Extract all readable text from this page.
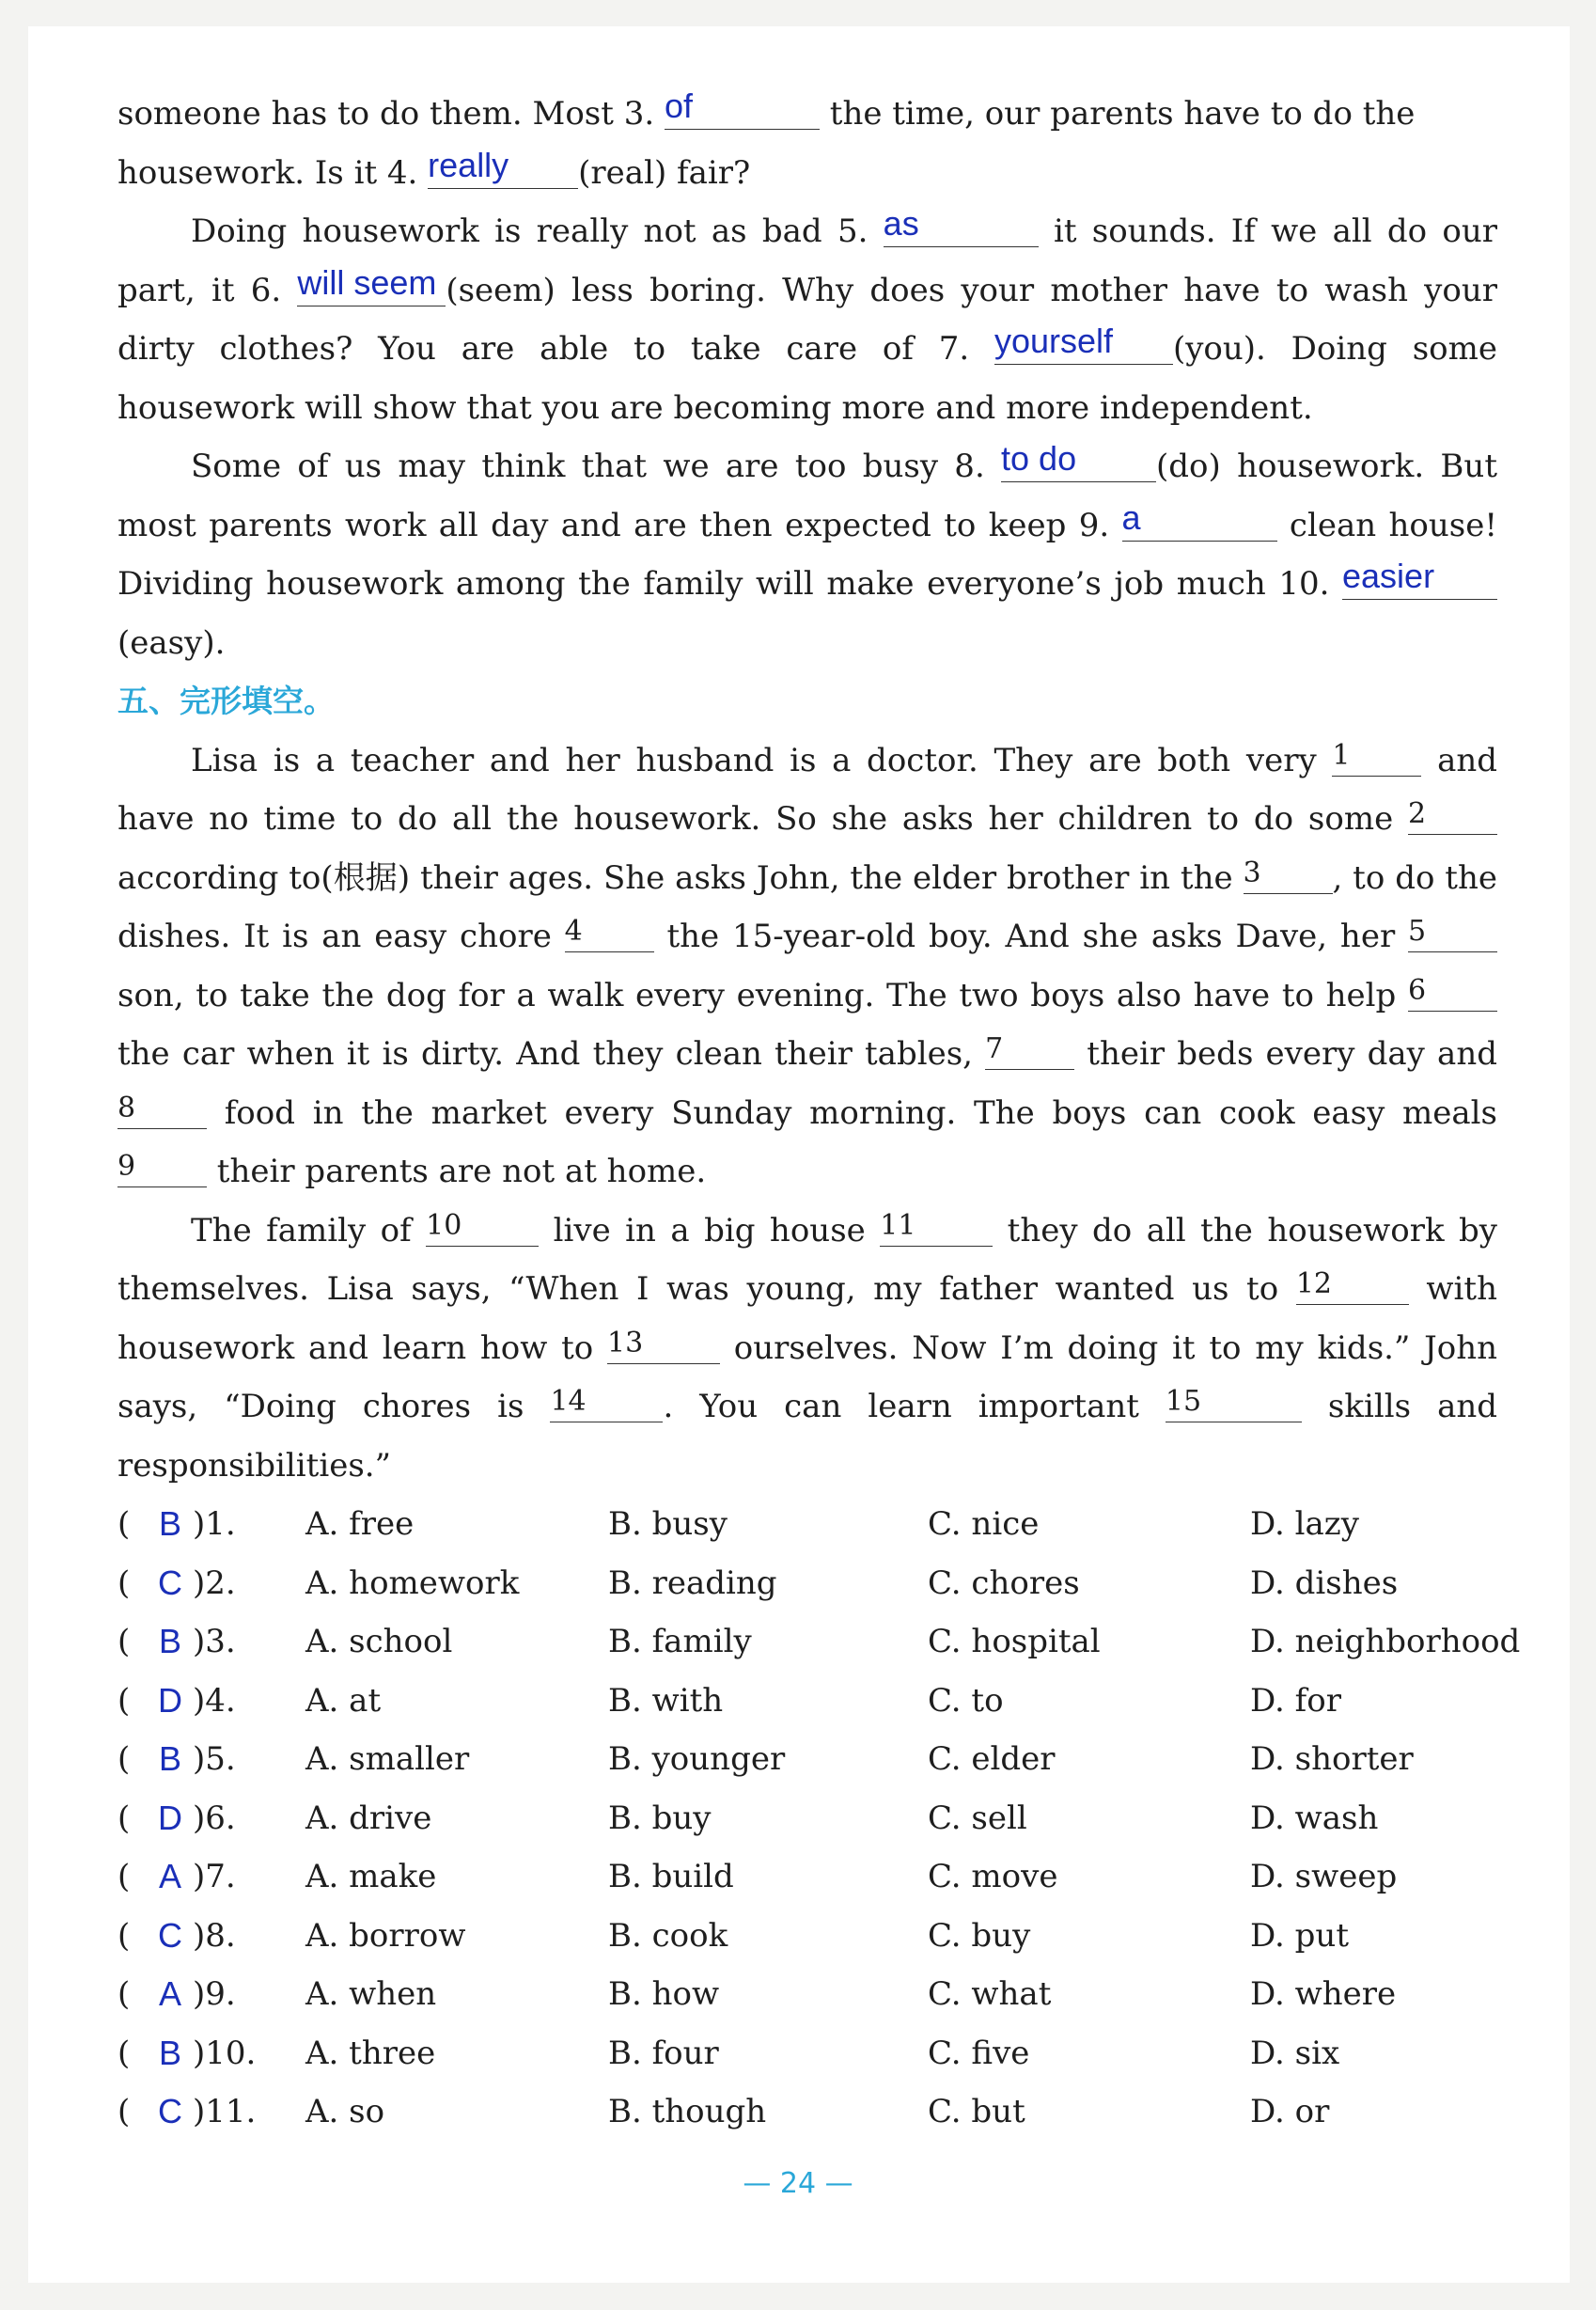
someone has to do them. Most 3. of	the time, our parents have to do the

housework. Is it 4. really	(real) fair?

Doing housework is really not as bad 5. as	it sounds. If we all do our part, it 6. will seem (seem) less boring. Why does your mother have to wash your dirty clothes? You are able to take care of 7. yourself	(you). Doing some housework will show that you are becoming more and more independent.

Some of us may think that we are too busy 8. to do	(do) housework. But most parents work all day and are then expected to keep 9. a	clean house! Dividing housework among the family will make everyone’s job much 10. easier
(easy).

五、完形填空。

Lisa is a teacher and her husband is a doctor. They are both very 1	and have no time to do all the housework. So she asks her children to do some 2
according to(根据) their ages. She asks John, the elder brother in the 3	, to do the dishes. It is an easy chore 4	the 15-year-old boy. And she asks Dave, her 5
son, to take the dog for a walk every evening. The two boys also have to help 6
the car when it is dirty. And they clean their tables, 7	their beds every day and
8	food in the market every Sunday morning. The boys can cook easy meals
9	their parents are not at home.

The family of 10	live in a big house 11	they do all the housework by themselves. Lisa says, “When I was young, my father wanted us to 12	with housework and learn how to 13	ourselves. Now I’m doing it to my kids.” John says, “Doing chores is 14	. You can learn important 15	skills and responsibilities.”

( B )1. A. free	B. busy	C. nice	D. lazy
( C )2. A. homework	B. reading	C. chores	D. dishes
( B )3. A. school	B. family	C. hospital	D. neighborhood
( D )4. A. at	B. with	C. to	D. for
( B )5. A. smaller	B. younger	C. elder	D. shorter
( D )6. A. drive	B. buy	C. sell	D. wash
( A )7. A. make	B. build	C. move	D. sweep
( C )8. A. borrow	B. cook	C. buy	D. put
( A )9. A. when	B. how	C. what	D. where
( B )10. A. three	B. four	C. five	D. six
( C )11. A. so	B. though	C. but	D. or
— 24 —
